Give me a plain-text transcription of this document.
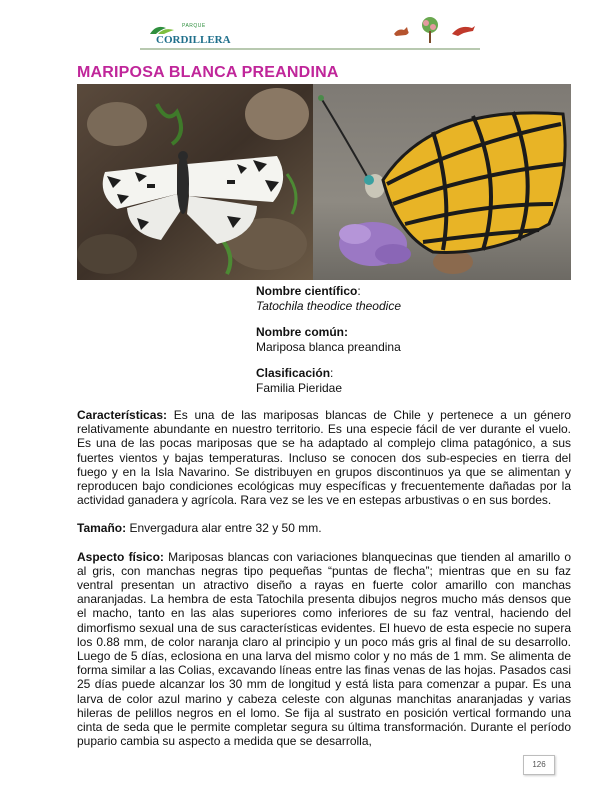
PARQUE
CORDILLERA
MARIPOSA BLANCA PREANDINA
Nombre científico:
Tatochila theodice theodice
Nombre común:
Mariposa blanca preandina
Clasificación:
Familia Pieridae

Características: Es una de las mariposas blancas de Chile y pertenece a un género relativamente abundante en nuestro territorio. Es una especie fácil de ver durante el vuelo. Es una de las pocas mariposas que se ha adaptado al complejo clima patagónico, a sus fuertes vientos y bajas temperaturas. Incluso se conocen dos sub-especies en tierra del fuego y en la Isla Navarino. Se distribuyen en grupos discontinuos ya que se alimentan y reproducen bajo condiciones ecológicas muy específicas y frecuentemente dañadas por la actividad ganadera y agrícola. Rara vez se les ve en estepas arbustivas o en sus bordes.

Tamaño: Envergadura alar entre 32 y 50 mm.

Aspecto físico: Mariposas blancas con variaciones blanquecinas que tienden al amarillo o al gris, con manchas negras tipo pequeñas “puntas de flecha”; mientras que en su faz ventral presentan un atractivo diseño a rayas en fuerte color amarillo con manchas anaranjadas. La hembra de esta Tatochila presenta dibujos negros mucho más densos que el macho, tanto en las alas superiores como inferiores de su faz ventral, haciendo del dimorfismo sexual una de sus características evidentes. El huevo de esta especie no supera los 0.88 mm, de color naranja claro al principio y un poco más gris al final de su desarrollo. Luego de 5 días, eclosiona en una larva del mismo color y no más de 1 mm. Se alimenta de forma similar a las Colias, excavando líneas entre las finas venas de las hojas. Pasados casi 25 días puede alcanzar los 30 mm de longitud y está lista para comenzar a pupar. Es una larva de color azul marino y cabeza celeste con algunas manchitas anaranjadas y varias hileras de pelillos negros en el lomo. Se fija al sustrato en posición vertical formando una cinta de seda que le permite completar segura su última transformación. Durante el período pupario cambia su aspecto a medida que se desarrolla,

126
